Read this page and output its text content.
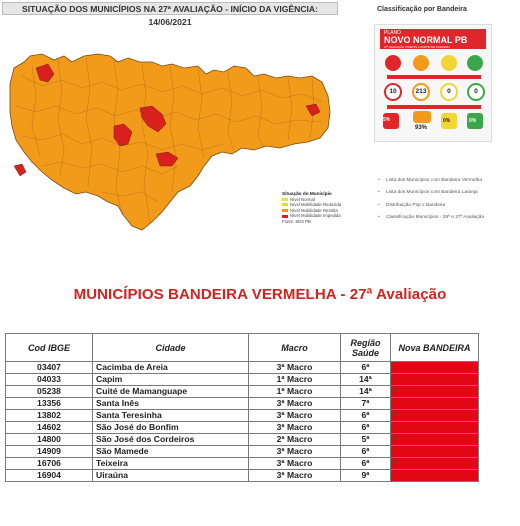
SITUAÇÃO DOS MUNICÍPIOS NA 27ª AVALIAÇÃO - INÍCIO DA VIGÊNCIA: 14/06/2021
Situação do Município
Nível Normal
Nível Mobilidade Reduzida
Nível Mobilidade Restrita
Nível Mobilidade Impedida
Fonte: SES PB
Classificação por Bandeira
PLANO
NOVO NORMAL PB
27ª AVALIAÇÃO VIGENTE A PARTIR DE 14/06/2021
10	213	0	0
5%
93%
0%	0%
• Lista dos Municípios com Bandeira Vermelha
• Lista dos Municípios com Bandeira Laranja
• Distribuição Pop x Bandeira
• Classificação Municípios - 26ª e 27ª Avaliação
MUNICÍPIOS BANDEIRA VERMELHA - 27ª Avaliação
Cod IBGE	Cidade	Macro	Região Saúde	Nova BANDEIRA
03407	Cacimba de Areia	3ª Macro	6ª	
04033	Capim	1ª Macro	14ª	
05238	Cuité de Mamanguape	1ª Macro	14ª	
13356	Santa Inês	3ª Macro	7ª	
13802	Santa Teresinha	3ª Macro	6ª	
14602	São José do Bonfim	3ª Macro	6ª	
14800	São José dos Cordeiros	2ª Macro	5ª	
14909	São Mamede	3ª Macro	6ª	
16706	Teixeira	3ª Macro	6ª	
16904	Uiraúna	3ª Macro	9ª	
